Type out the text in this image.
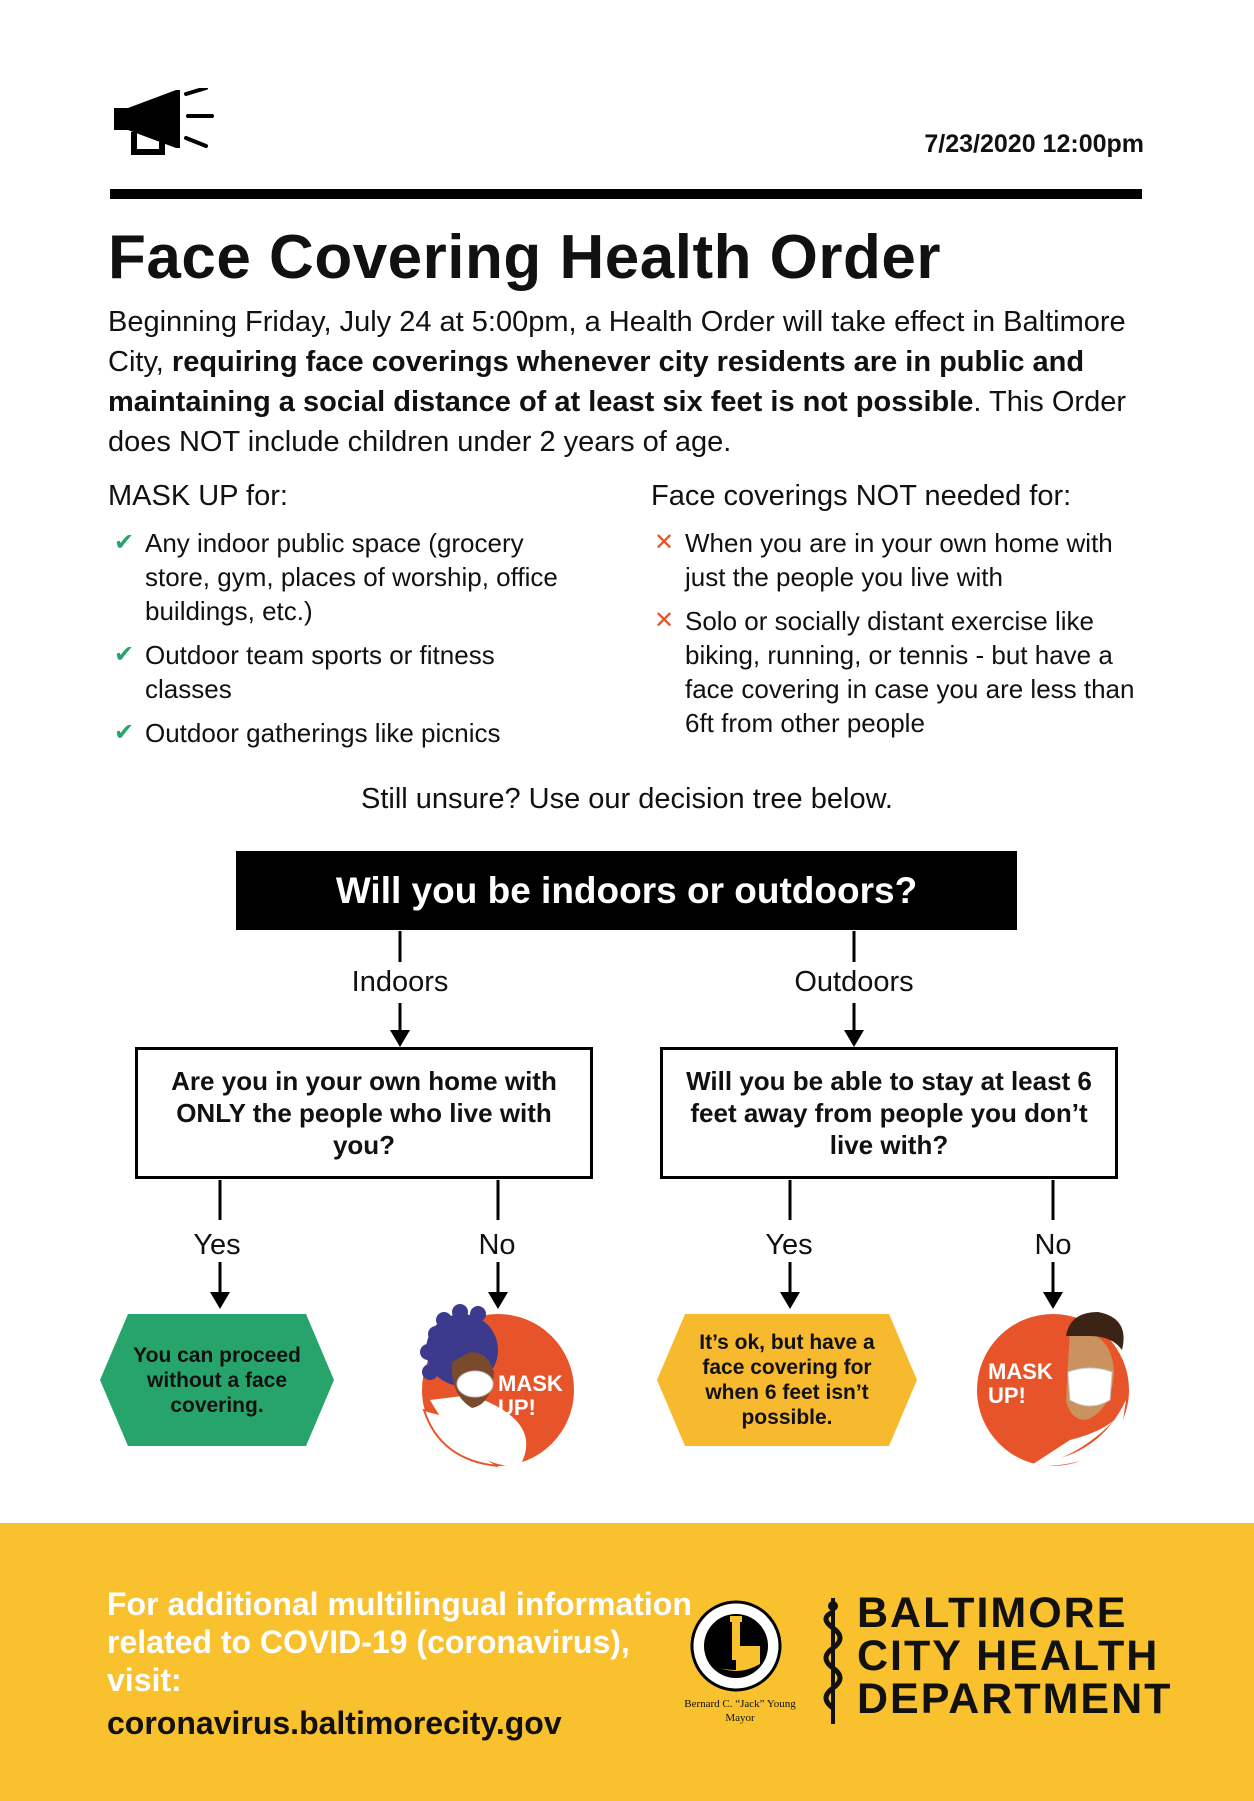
7/23/2020 12:00pm
Face Covering Health Order
Beginning Friday, July 24 at 5:00pm, a Health Order will take effect in Baltimore City, requiring face coverings whenever city residents are in public and maintaining a social distance of at least six feet is not possible. This Order does NOT include children under 2 years of age.
MASK UP for:
✔ Any indoor public space (grocery store, gym, places of worship, office buildings, etc.)
✔ Outdoor team sports or fitness classes
✔ Outdoor gatherings like picnics
Face coverings NOT needed for:
✕ When you are in your own home with just the people you live with
✕ Solo or socially distant exercise like biking, running, or tennis - but have a face covering in case you are less than 6ft from other people
Still unsure? Use our decision tree below.
Will you be indoors or outdoors?
Indoors	Outdoors
Are you in your own home with ONLY the people who live with you?
Will you be able to stay at least 6 feet away from people you don’t live with?
Yes	No	Yes	No
You can proceed without a face covering.
It’s ok, but have a face covering for when 6 feet isn’t possible.
MASK UP!
MASK UP!
For additional multilingual information related to COVID-19 (coronavirus), visit:
coronavirus.baltimorecity.gov
Bernard C. “Jack” Young
Mayor
BALTIMORE
CITY HEALTH
DEPARTMENT
